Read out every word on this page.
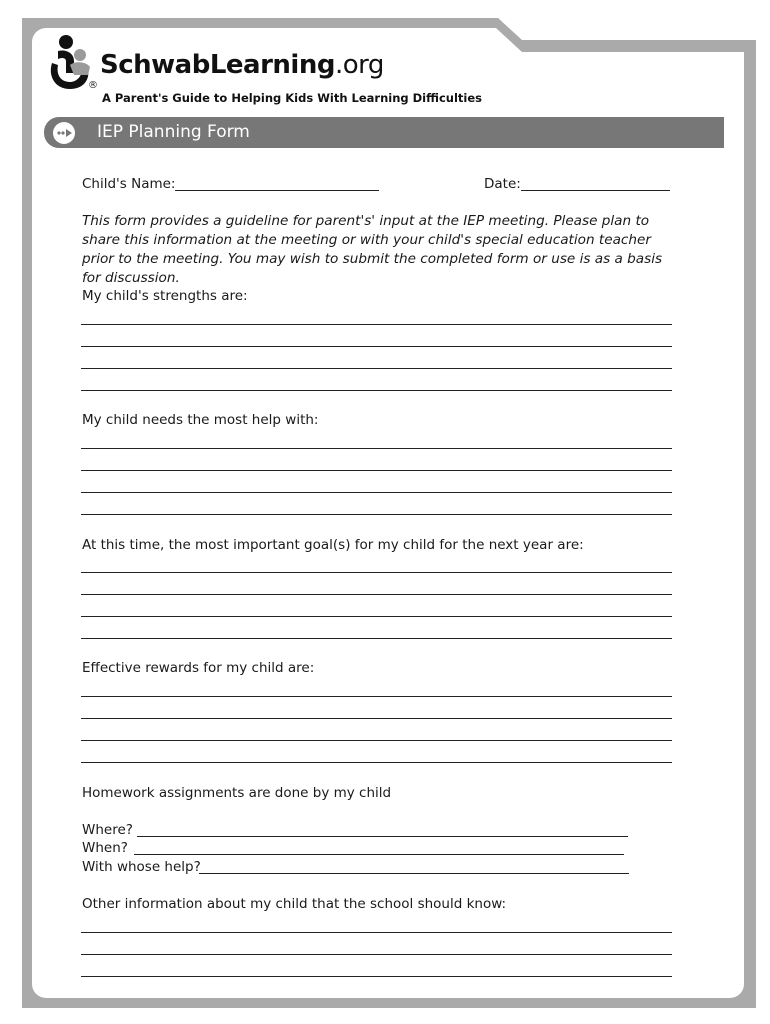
SchwabLearning.org
®
A Parent's Guide to Helping Kids With Learning Difficulties
IEP Planning Form
Child's Name:	Date:
This form provides a guideline for parent's' input at the IEP meeting. Please plan to share this information at the meeting or with your child's special education teacher prior to the meeting. You may wish to submit the completed form or use is as a basis for discussion.
My child's strengths are:
My child needs the most help with:
At this time, the most important goal(s) for my child for the next year are:
Effective rewards for my child are:
Homework assignments are done by my child
Where?
When?
With whose help?
Other information about my child that the school should know:
